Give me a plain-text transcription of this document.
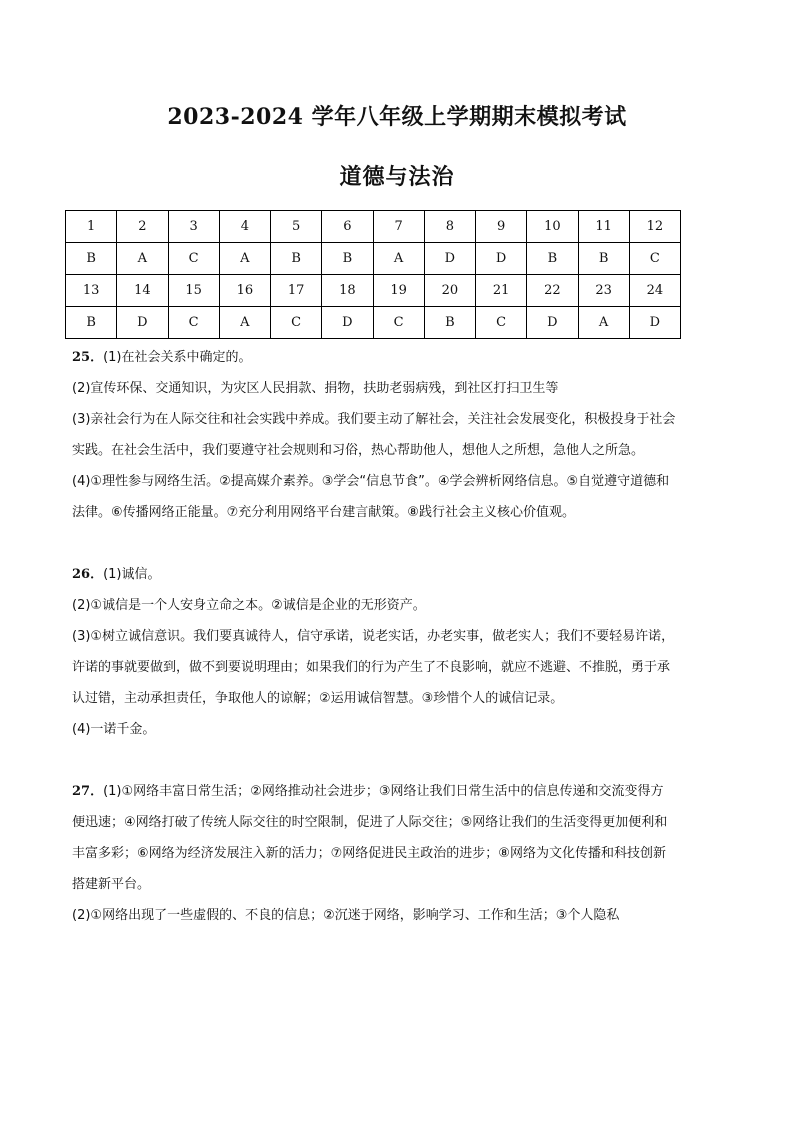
2023-2024 学年八年级上学期期末模拟考试
道德与法治
1	2	3	4	5	6	7	8	9	10	11	12
B	A	C	A	B	B	A	D	D	B	B	C
13	14	15	16	17	18	19	20	21	22	23	24
B	D	C	A	C	D	C	B	C	D	A	D

25．(1)在社会关系中确定的。

(2)宣传环保、交通知识，为灾区人民捐款、捐物，扶助老弱病残，到社区打扫卫生等

(3)亲社会行为在人际交往和社会实践中养成。我们要主动了解社会，关注社会发展变化，积极投身于社会实践。在社会生活中，我们要遵守社会规则和习俗，热心帮助他人，想他人之所想，急他人之所急。

(4)①理性参与网络生活。②提高媒介素养。③学会“信息节食”。④学会辨析网络信息。⑤自觉遵守道德和法律。⑥传播网络正能量。⑦充分利用网络平台建言献策。⑧践行社会主义核心价值观。

26．(1)诚信。

(2)①诚信是一个人安身立命之本。②诚信是企业的无形资产。

(3)①树立诚信意识。我们要真诚待人，信守承诺，说老实话，办老实事，做老实人；我们不要轻易许诺，许诺的事就要做到，做不到要说明理由；如果我们的行为产生了不良影响，就应不逃避、不推脱，勇于承认过错，主动承担责任，争取他人的谅解；②运用诚信智慧。③珍惜个人的诚信记录。

(4)一诺千金。

27．(1)①网络丰富日常生活；②网络推动社会进步；③网络让我们日常生活中的信息传递和交流变得方便迅速；④网络打破了传统人际交往的时空限制，促进了人际交往；⑤网络让我们的生活变得更加便利和丰富多彩；⑥网络为经济发展注入新的活力；⑦网络促进民主政治的进步；⑧网络为文化传播和科技创新搭建新平台。

(2)①网络出现了一些虚假的、不良的信息；②沉迷于网络，影响学习、工作和生活；③个人隐私
